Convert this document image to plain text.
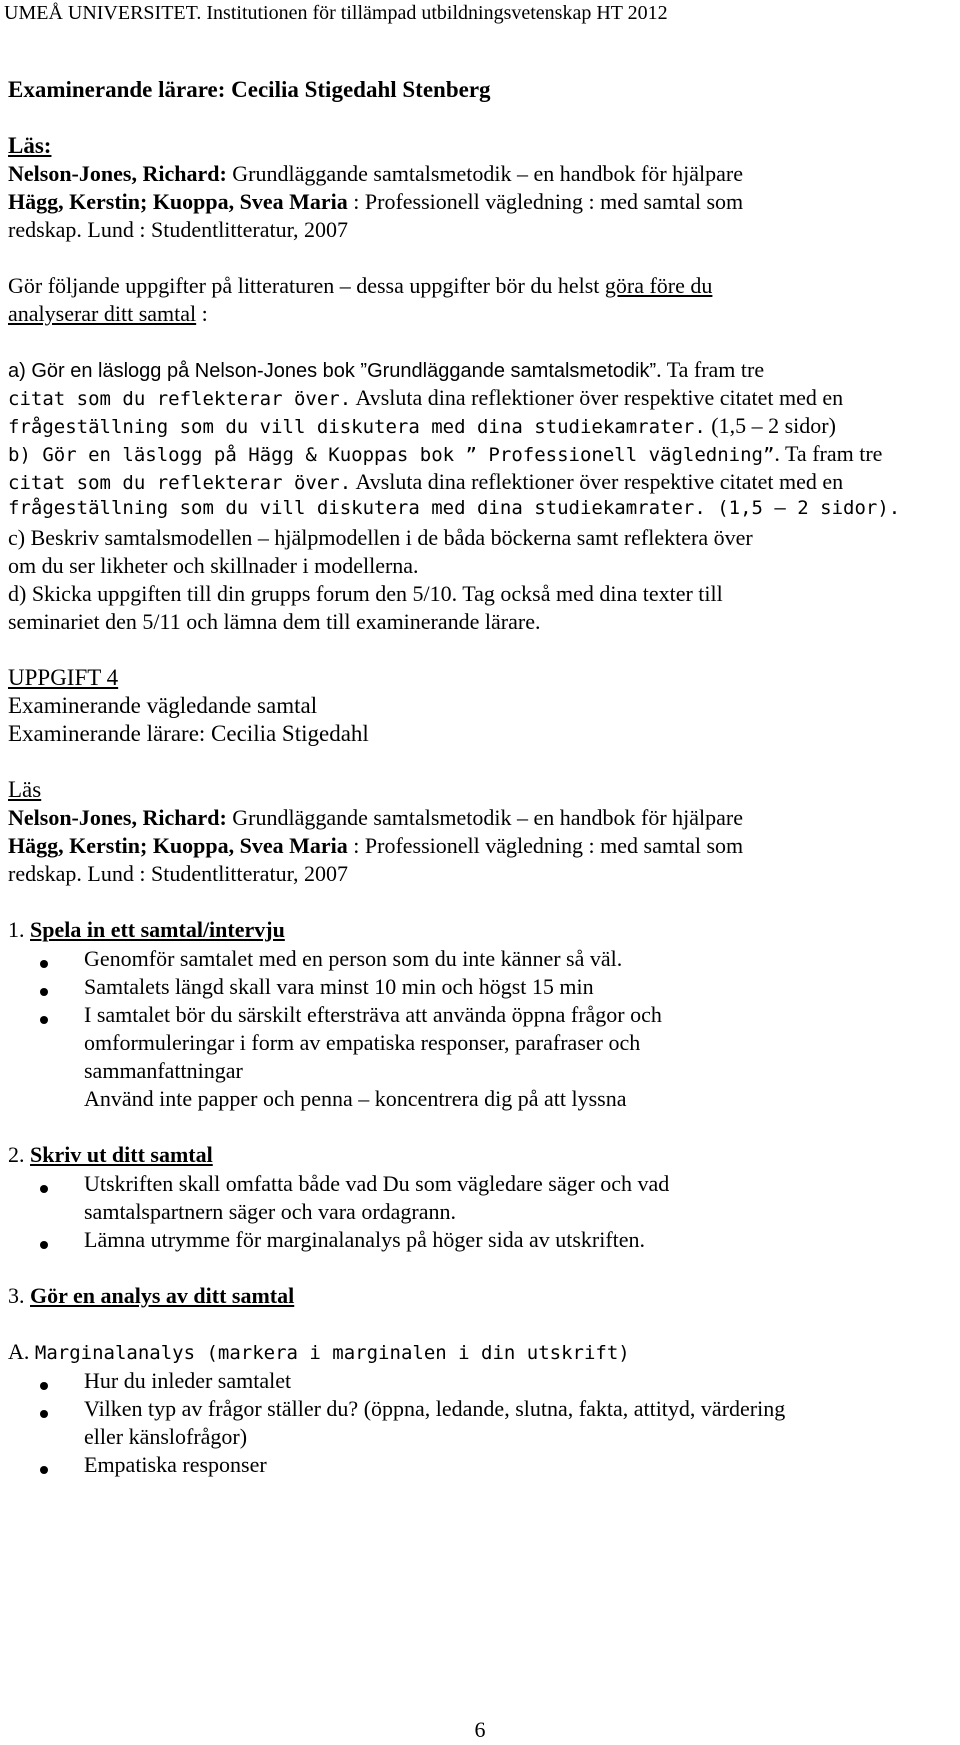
UMEÅ UNIVERSITET. Institutionen för tillämpad utbildningsvetenskap HT 2012
Examinerande lärare: Cecilia Stigedahl Stenberg
Läs:
Nelson-Jones, Richard: Grundläggande samtalsmetodik – en handbok för hjälpare
Hägg, Kerstin; Kuoppa, Svea Maria : Professionell vägledning : med samtal som
redskap. Lund : Studentlitteratur, 2007
Gör följande uppgifter på litteraturen – dessa uppgifter bör du helst göra före du
analyserar ditt samtal :
a) Gör en läslogg på Nelson-Jones bok ”Grundläggande samtalsmetodik”. Ta fram tre
citat som du reflekterar över. Avsluta dina reflektioner över respektive citatet med en
frågeställning som du vill diskutera med dina studiekamrater. (1,5 – 2 sidor)
b) Gör en läslogg på Hägg & Kuoppas bok ” Professionell vägledning”. Ta fram tre
citat som du reflekterar över. Avsluta dina reflektioner över respektive citatet med en
frågeställning som du vill diskutera med dina studiekamrater. (1,5 – 2 sidor).
c) Beskriv samtalsmodellen – hjälpmodellen i de båda böckerna samt reflektera över
om du ser likheter och skillnader i modellerna.
d) Skicka uppgiften till din grupps forum den 5/10. Tag också med dina texter till
seminariet den 5/11 och lämna dem till examinerande lärare.
UPPGIFT 4
Examinerande vägledande samtal
Examinerande lärare: Cecilia Stigedahl
Läs
Nelson-Jones, Richard: Grundläggande samtalsmetodik – en handbok för hjälpare
Hägg, Kerstin; Kuoppa, Svea Maria : Professionell vägledning : med samtal som
redskap. Lund : Studentlitteratur, 2007
1. Spela in ett samtal/intervju
Genomför samtalet med en person som du inte känner så väl.
Samtalets längd skall vara minst 10 min och högst 15 min
I samtalet bör du särskilt eftersträva att använda öppna frågor och
omformuleringar i form av empatiska responser, parafraser och
sammanfattningar
Använd inte papper och penna – koncentrera dig på att lyssna
2. Skriv ut ditt samtal
Utskriften skall omfatta både vad Du som vägledare säger och vad
samtalspartnern säger och vara ordagrann.
Lämna utrymme för marginalanalys på höger sida av utskriften.
3. Gör en analys av ditt samtal
A. Marginalanalys (markera i marginalen i din utskrift)
Hur du inleder samtalet
Vilken typ av frågor ställer du? (öppna, ledande, slutna, fakta, attityd, värdering
eller känslofrågor)
Empatiska responser
6
